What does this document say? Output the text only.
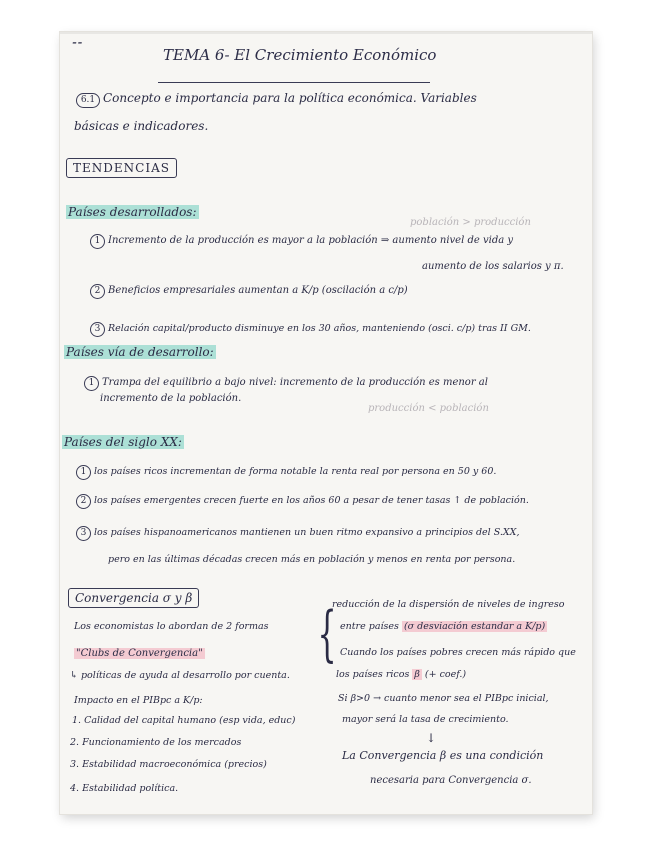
˗˗
TEMA 6- El Crecimiento Económico
6.1 Concepto e importancia para la política económica. Variables
básicas e indicadores.
TENDENCIAS
Países desarrollados:
población > producción
1 Incremento de la producción es mayor a la población ⇒ aumento nivel de vida y
aumento de los salarios y π.
2 Beneficios empresariales aumentan a K/p (oscilación a c/p)
3 Relación capital/producto disminuye en los 30 años, manteniendo (osci. c/p) tras II GM.
Países vía de desarrollo:
1 Trampa del equilibrio a bajo nivel: incremento de la producción es menor al
incremento de la población.
producción < población
Países del siglo XX:
1 los países ricos incrementan de forma notable la renta real por persona en 50 y 60.
2 los países emergentes crecen fuerte en los años 60 a pesar de tener tasas ↑ de población.
3 los países hispanoamericanos mantienen un buen ritmo expansivo a principios del S.XX,
pero en las últimas décadas crecen más en población y menos en renta por persona.
Convergencia σ y β
Los economistas lo abordan de 2 formas
"Clubs de Convergencia"
↳ políticas de ayuda al desarrollo por cuenta.
Impacto en el PIBpc a K/p:
1. Calidad del capital humano (esp vida, educ)
2. Funcionamiento de los mercados
3. Estabilidad macroeconómica (precios)
4. Estabilidad política.
{
reducción de la dispersión de niveles de ingreso
entre países (σ desviación estandar a K/p)
Cuando los países pobres crecen más rápido que
los países ricos β (+ coef.)
Si β>0 → cuanto menor sea el PIBpc inicial,
mayor será la tasa de crecimiento.
↓
La Convergencia β es una condición
necesaria para Convergencia σ.
